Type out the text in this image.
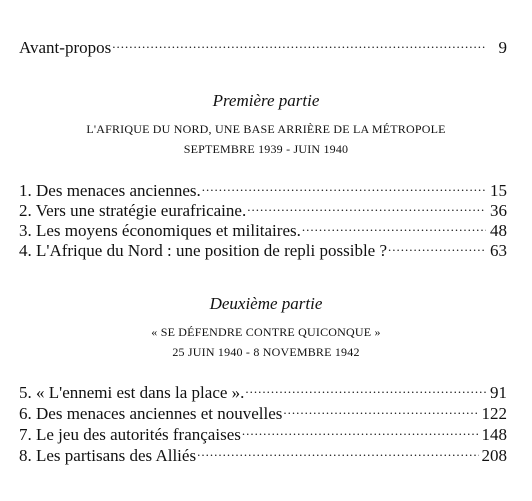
Avant-propos .....	9
Première partie
L'AFRIQUE DU NORD, UNE BASE ARRIÈRE DE LA MÉTROPOLE
SEPTEMBRE 1939 - JUIN 1940
1. Des menaces anciennes. .....	15
2. Vers une stratégie eurafricaine. .....	36
3. Les moyens économiques et militaires. .....	48
4. L'Afrique du Nord : une position de repli possible ? .....	63
Deuxième partie
« SE DÉFENDRE CONTRE QUICONQUE »
25 JUIN 1940 - 8 NOVEMBRE 1942
5. « L'ennemi est dans la place ». .....	91
6. Des menaces anciennes et nouvelles .....	122
7. Le jeu des autorités françaises .....	148
8. Les partisans des Alliés .....	208
